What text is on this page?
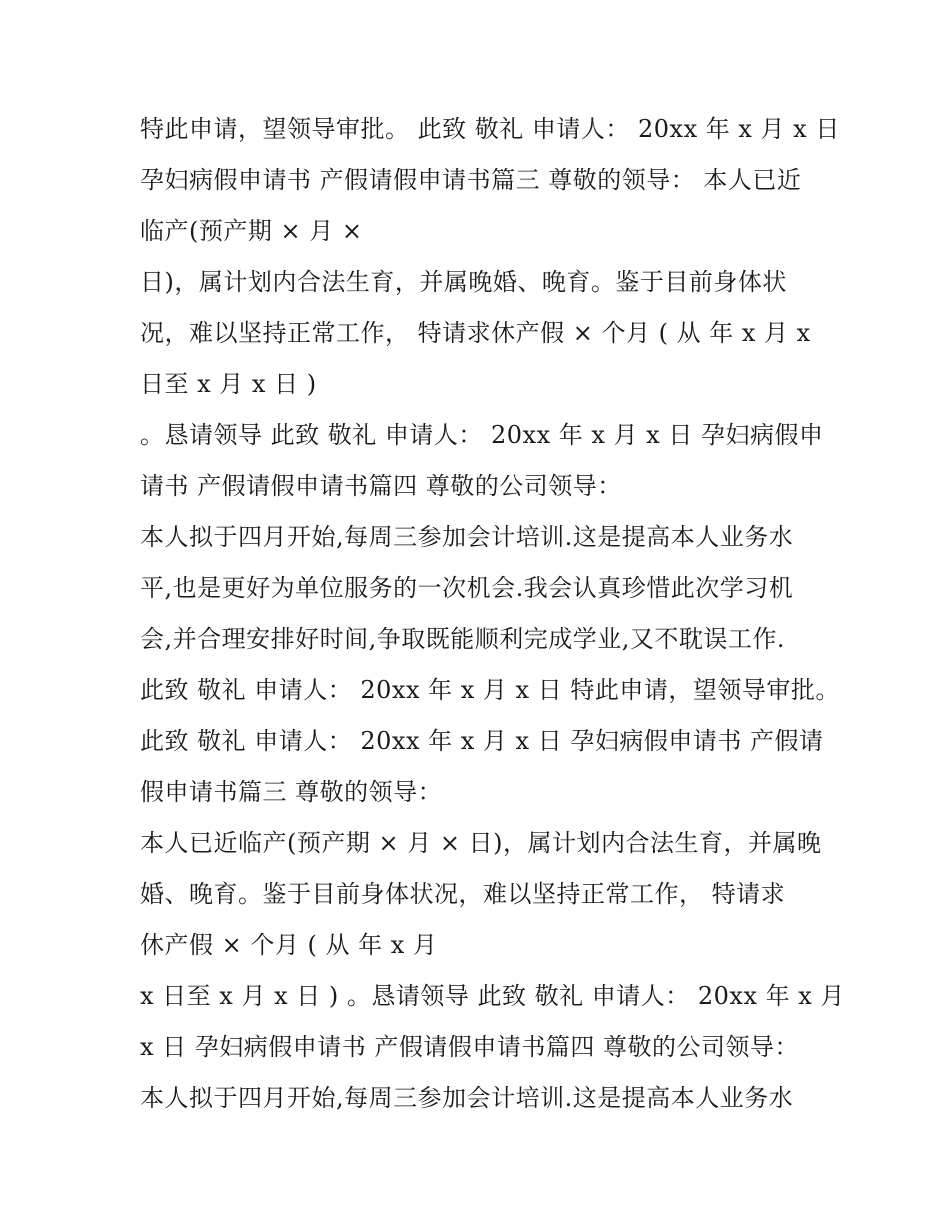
特此申请，望领导审批。 此致 敬礼 申请人： 20xx 年 x 月 x 日
孕妇病假申请书 产假请假申请书篇三 尊敬的领导： 本人已近
临产(预产期 × 月 ×
日)，属计划内合法生育，并属晚婚、晚育。鉴于目前身体状
况，难以坚持正常工作， 特请求休产假 × 个月 ( 从 年 x 月 x
日至 x 月 x 日 )
。恳请领导 此致 敬礼 申请人： 20xx 年 x 月 x 日 孕妇病假申
请书 产假请假申请书篇四 尊敬的公司领导：
本人拟于四月开始,每周三参加会计培训.这是提高本人业务水
平,也是更好为单位服务的一次机会.我会认真珍惜此次学习机
会,并合理安排好时间,争取既能顺利完成学业,又不耽误工作.
此致 敬礼 申请人： 20xx 年 x 月 x 日 特此申请，望领导审批。
此致 敬礼 申请人： 20xx 年 x 月 x 日 孕妇病假申请书 产假请
假申请书篇三 尊敬的领导：
本人已近临产(预产期 × 月 × 日)，属计划内合法生育，并属晚
婚、晚育。鉴于目前身体状况，难以坚持正常工作， 特请求
休产假 × 个月 ( 从 年 x 月
x 日至 x 月 x 日 ) 。恳请领导 此致 敬礼 申请人： 20xx 年 x 月
x 日 孕妇病假申请书 产假请假申请书篇四 尊敬的公司领导：
本人拟于四月开始,每周三参加会计培训.这是提高本人业务水
